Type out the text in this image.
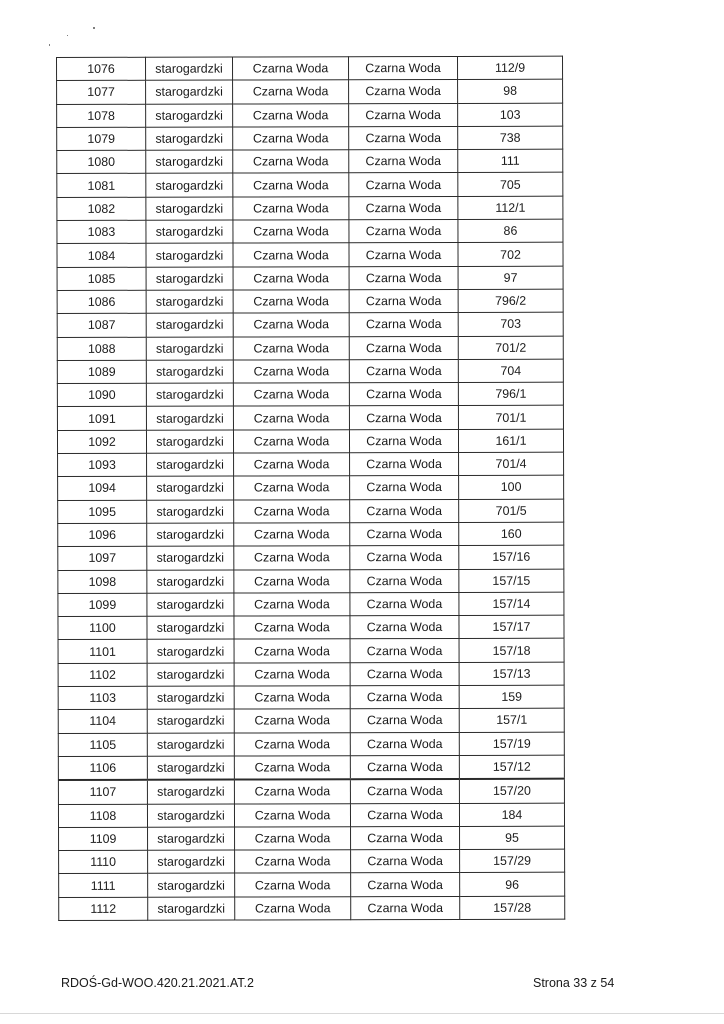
1076	starogardzki	Czarna Woda	Czarna Woda	112/9
1077	starogardzki	Czarna Woda	Czarna Woda	98
1078	starogardzki	Czarna Woda	Czarna Woda	103
1079	starogardzki	Czarna Woda	Czarna Woda	738
1080	starogardzki	Czarna Woda	Czarna Woda	111
1081	starogardzki	Czarna Woda	Czarna Woda	705
1082	starogardzki	Czarna Woda	Czarna Woda	112/1
1083	starogardzki	Czarna Woda	Czarna Woda	86
1084	starogardzki	Czarna Woda	Czarna Woda	702
1085	starogardzki	Czarna Woda	Czarna Woda	97
1086	starogardzki	Czarna Woda	Czarna Woda	796/2
1087	starogardzki	Czarna Woda	Czarna Woda	703
1088	starogardzki	Czarna Woda	Czarna Woda	701/2
1089	starogardzki	Czarna Woda	Czarna Woda	704
1090	starogardzki	Czarna Woda	Czarna Woda	796/1
1091	starogardzki	Czarna Woda	Czarna Woda	701/1
1092	starogardzki	Czarna Woda	Czarna Woda	161/1
1093	starogardzki	Czarna Woda	Czarna Woda	701/4
1094	starogardzki	Czarna Woda	Czarna Woda	100
1095	starogardzki	Czarna Woda	Czarna Woda	701/5
1096	starogardzki	Czarna Woda	Czarna Woda	160
1097	starogardzki	Czarna Woda	Czarna Woda	157/16
1098	starogardzki	Czarna Woda	Czarna Woda	157/15
1099	starogardzki	Czarna Woda	Czarna Woda	157/14
1100	starogardzki	Czarna Woda	Czarna Woda	157/17
1101	starogardzki	Czarna Woda	Czarna Woda	157/18
1102	starogardzki	Czarna Woda	Czarna Woda	157/13
1103	starogardzki	Czarna Woda	Czarna Woda	159
1104	starogardzki	Czarna Woda	Czarna Woda	157/1
1105	starogardzki	Czarna Woda	Czarna Woda	157/19
1106	starogardzki	Czarna Woda	Czarna Woda	157/12
1107	starogardzki	Czarna Woda	Czarna Woda	157/20
1108	starogardzki	Czarna Woda	Czarna Woda	184
1109	starogardzki	Czarna Woda	Czarna Woda	95
1110	starogardzki	Czarna Woda	Czarna Woda	157/29
1111	starogardzki	Czarna Woda	Czarna Woda	96
1112	starogardzki	Czarna Woda	Czarna Woda	157/28
RDOŚ-Gd-WOO.420.21.2021.AT.2	Strona 33 z 54
